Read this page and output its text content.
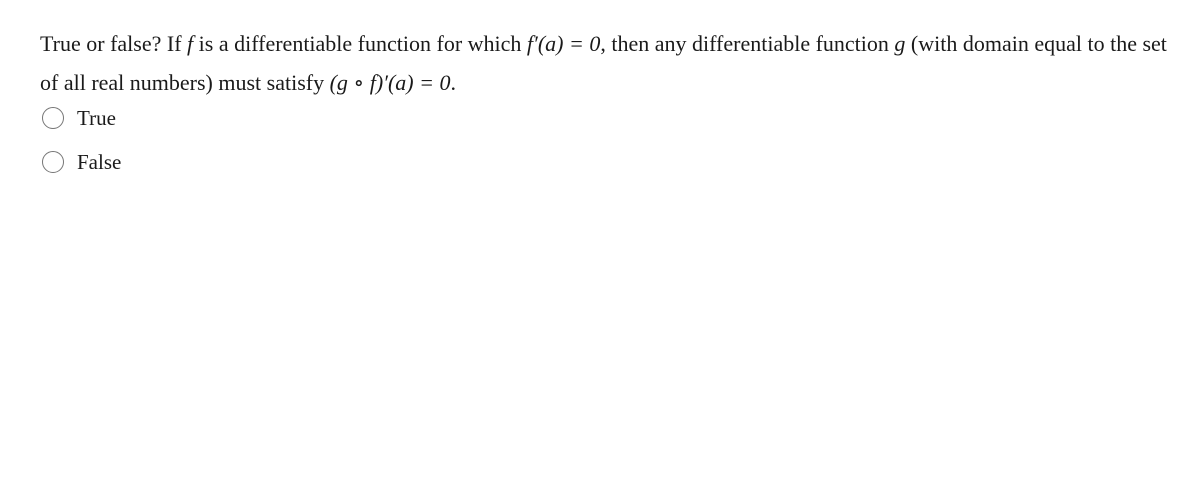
True or false? If f is a differentiable function for which f′(a) = 0, then any differentiable function g (with domain equal to the set of all real numbers) must satisfy (g ∘ f)′(a) = 0.
True
False
